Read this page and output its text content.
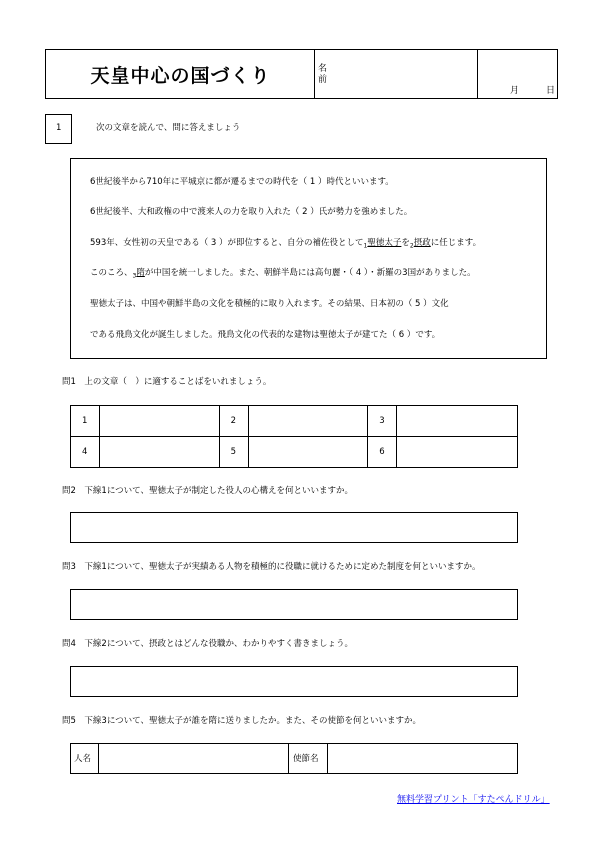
天皇中心の国づくり	名
前
月	日
1	次の文章を読んで、問に答えましょう
6世紀後半から710年に平城京に都が遷るまでの時代を（ 1 ）時代といいます。
6世紀後半、大和政権の中で渡来人の力を取り入れた（ 2 ）氏が勢力を強めました。
593年、女性初の天皇である（ 3 ）が即位すると、自分の補佐役として$_1$聖徳太子を$_2$摂政に任じます。
このころ、$_3$隋が中国を統一しました。また、朝鮮半島には高句麗・（ 4 ）・新羅の3国がありました。
聖徳太子は、中国や朝鮮半島の文化を積極的に取り入れます。その結果、日本初の（ 5 ）文化
である飛鳥文化が誕生しました。飛鳥文化の代表的な建物は聖徳太子が建てた（ 6 ）です。
問1　上の文章（　）に適することばをいれましょう。
1		2		3	
4		5		6	
問2　下線1について、聖徳太子が制定した役人の心構えを何といいますか。
問3　下線1について、聖徳太子が実績ある人物を積極的に役職に就けるために定めた制度を何といいますか。
問4　下線2について、摂政とはどんな役職か、わかりやすく書きましょう。
問5　下線3について、聖徳太子が誰を隋に送りましたか。また、その使節を何といいますか。
人名	使節名
無料学習プリント「すたぺんドリル」
